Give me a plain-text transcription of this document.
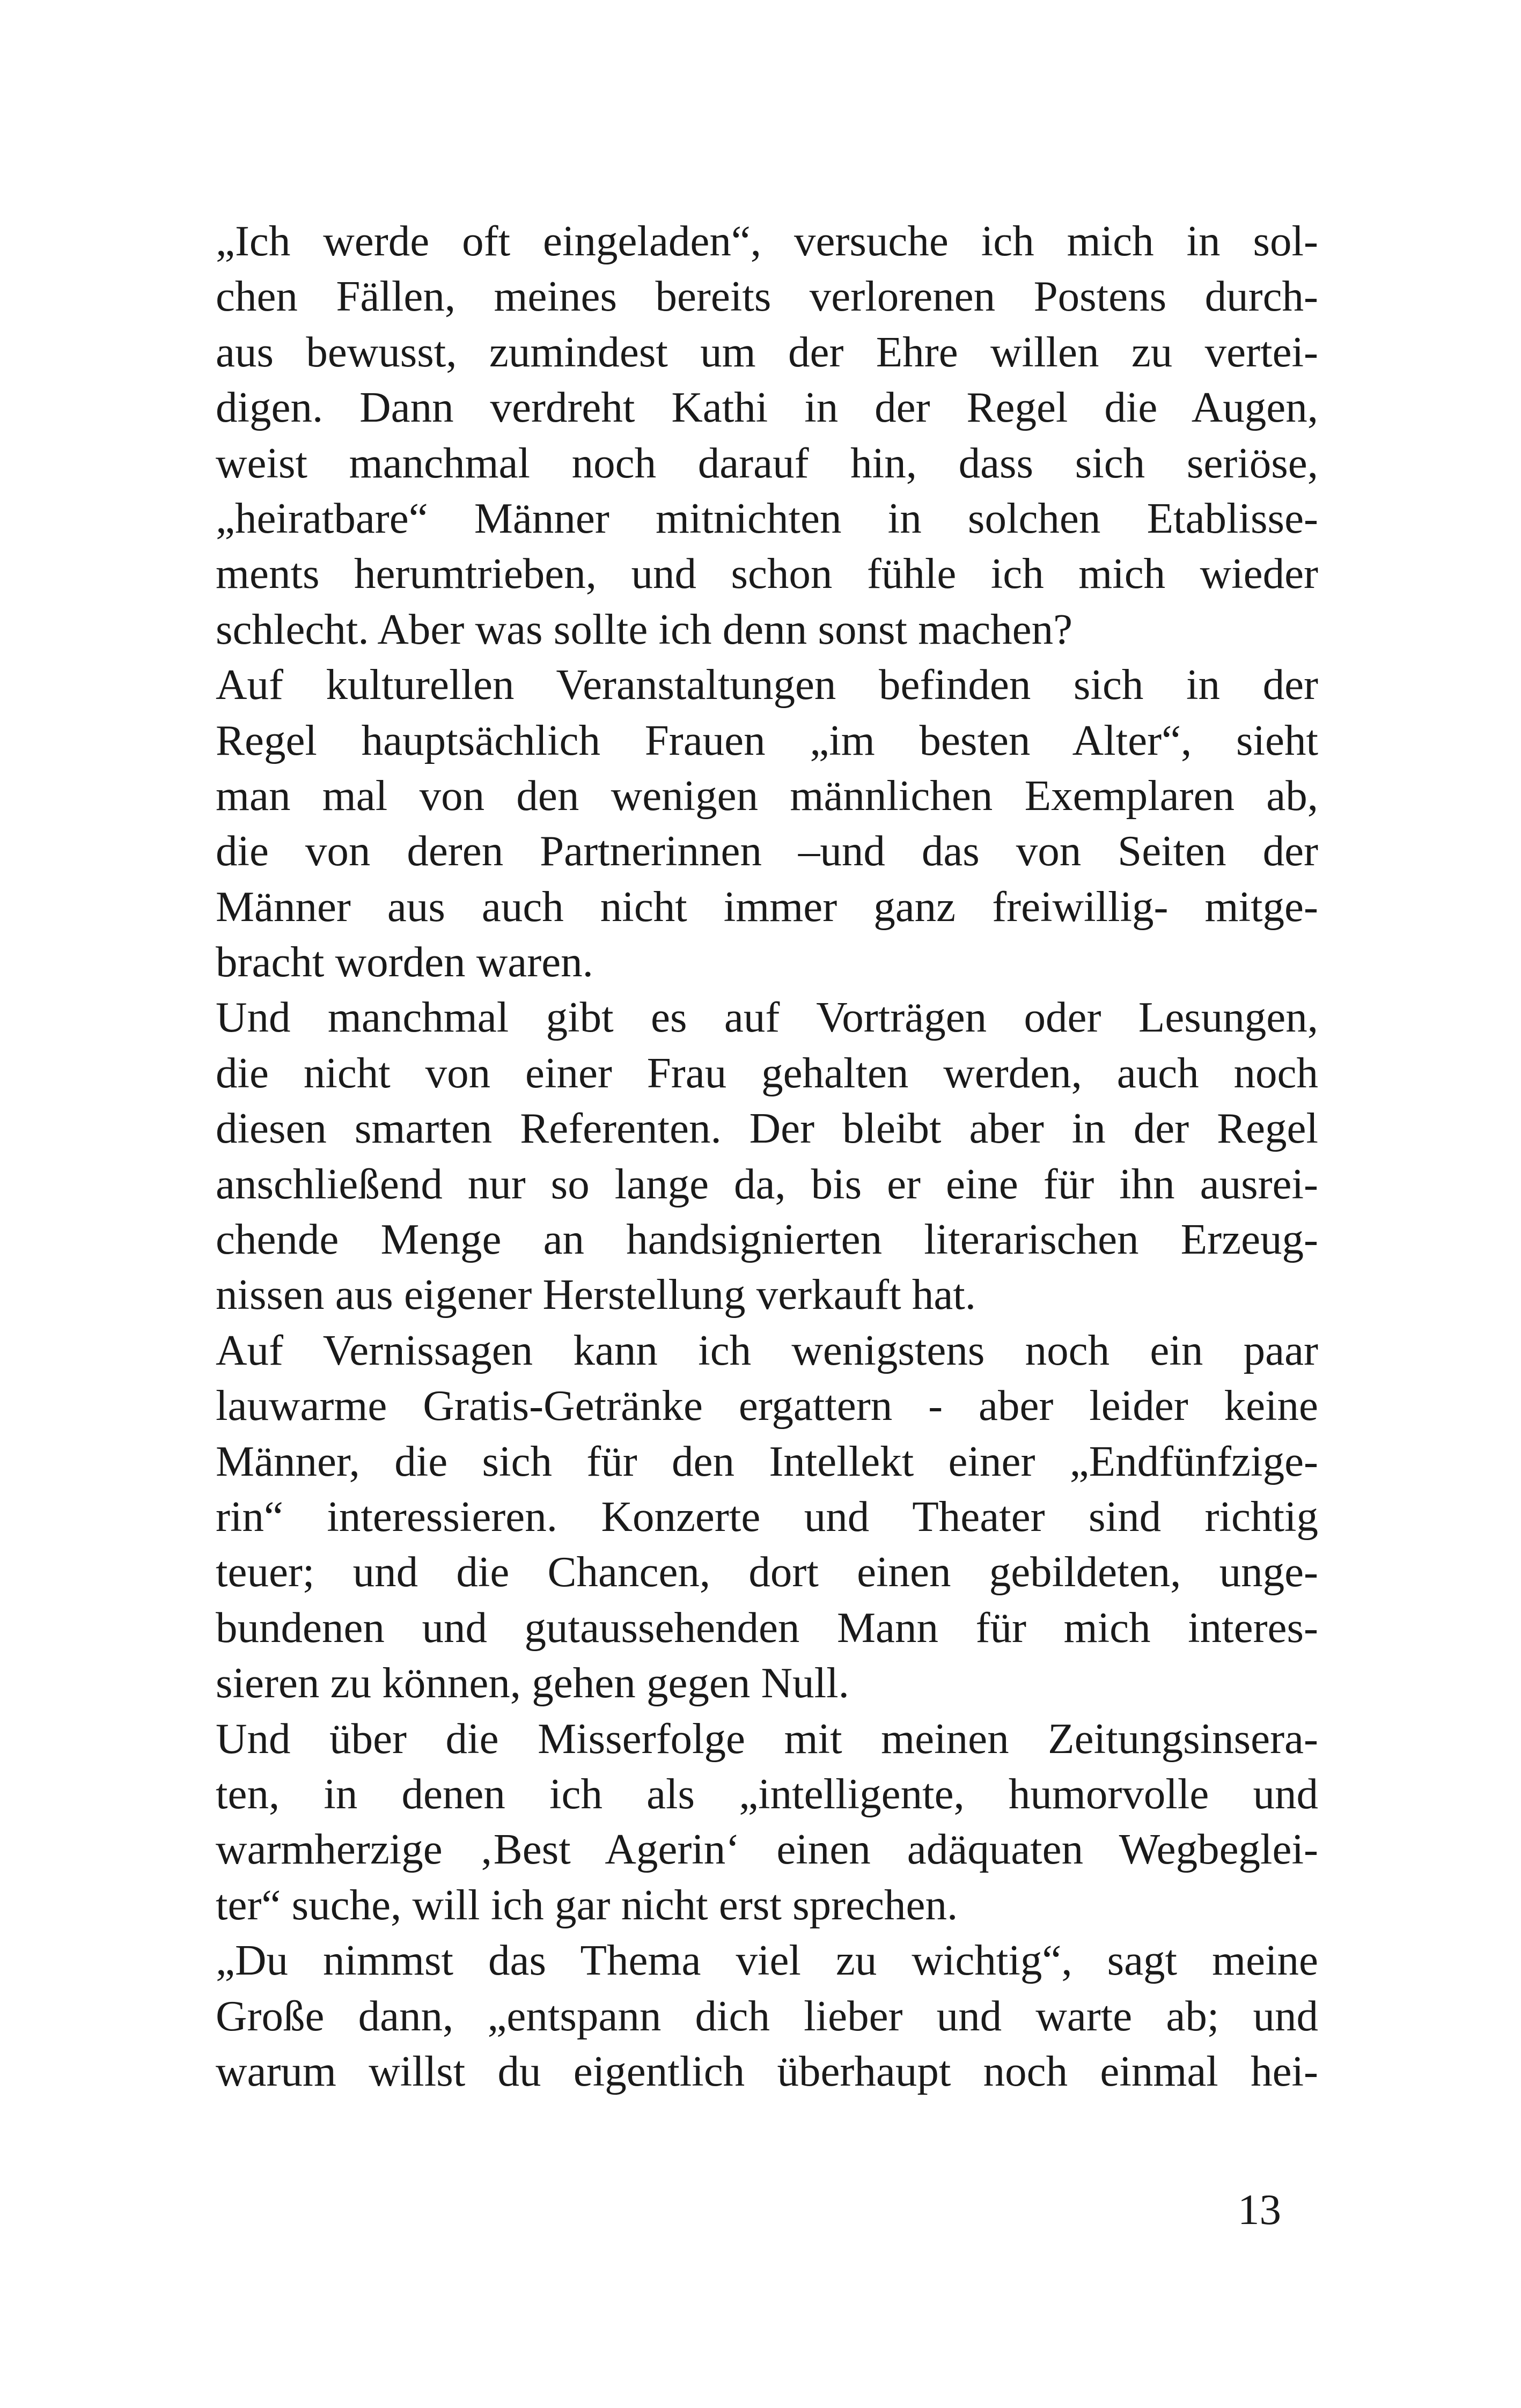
„Ich werde oft eingeladen“, versuche ich mich in sol-
chen Fällen, meines bereits verlorenen Postens durch-
aus bewusst, zumindest um der Ehre willen zu vertei-
digen. Dann verdreht Kathi in der Regel die Augen,
weist manchmal noch darauf hin, dass sich seriöse,
„heiratbare“ Männer mitnichten in solchen Etablisse-
ments herumtrieben, und schon fühle ich mich wieder
schlecht. Aber was sollte ich denn sonst machen?
Auf kulturellen Veranstaltungen befinden sich in der
Regel hauptsächlich Frauen „im besten Alter“, sieht
man mal von den wenigen männlichen Exemplaren ab,
die von deren Partnerinnen –und das von Seiten der
Männer aus auch nicht immer ganz freiwillig- mitge-
bracht worden waren.
Und manchmal gibt es auf Vorträgen oder Lesungen,
die nicht von einer Frau gehalten werden, auch noch
diesen smarten Referenten. Der bleibt aber in der Regel
anschließend nur so lange da, bis er eine für ihn ausrei-
chende Menge an handsignierten literarischen Erzeug-
nissen aus eigener Herstellung verkauft hat.
Auf Vernissagen kann ich wenigstens noch ein paar
lauwarme Gratis-Getränke ergattern - aber leider keine
Männer, die sich für den Intellekt einer „Endfünfzige-
rin“ interessieren. Konzerte und Theater sind richtig
teuer; und die Chancen, dort einen gebildeten, unge-
bundenen und gutaussehenden Mann für mich interes-
sieren zu können, gehen gegen Null.
Und über die Misserfolge mit meinen Zeitungsinsera-
ten, in denen ich als „intelligente, humorvolle und
warmherzige ‚Best Agerin‘ einen adäquaten Wegbeglei-
ter“ suche, will ich gar nicht erst sprechen.
„Du nimmst das Thema viel zu wichtig“, sagt meine
Große dann, „entspann dich lieber und warte ab; und
warum willst du eigentlich überhaupt noch einmal hei-
13
